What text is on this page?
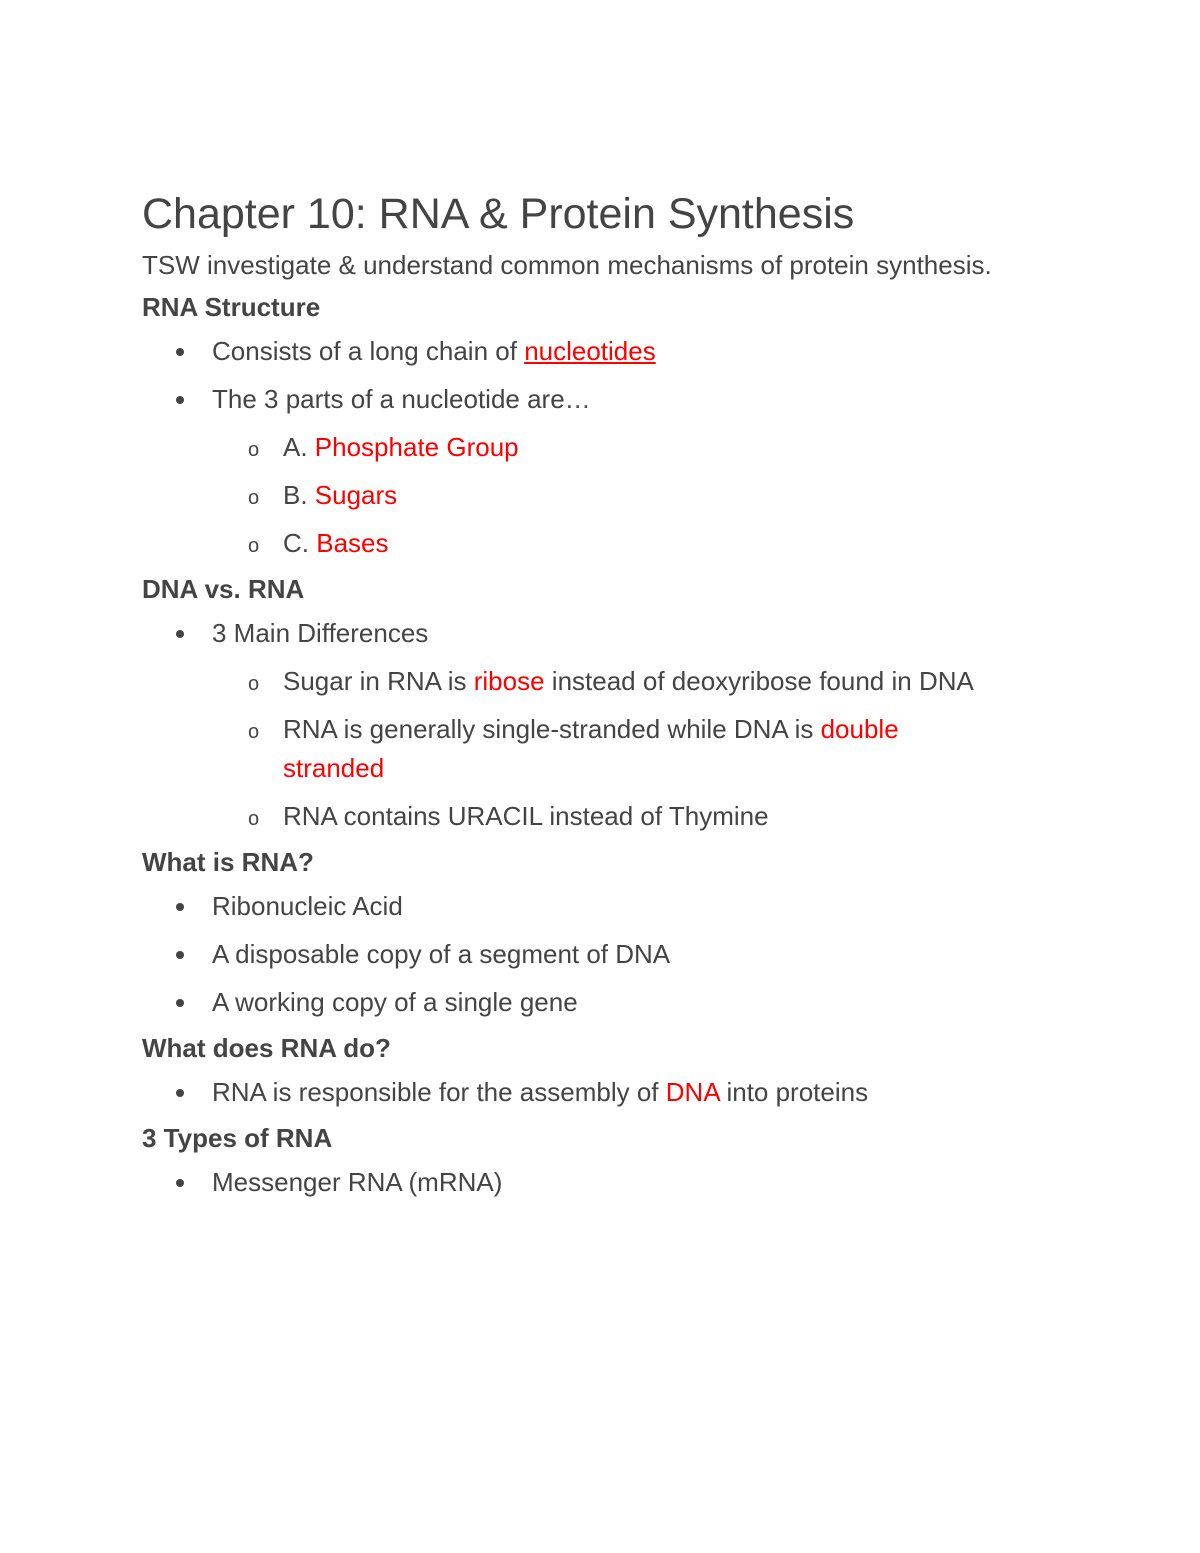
Chapter 10: RNA & Protein Synthesis

TSW investigate & understand common mechanisms of protein synthesis.

RNA Structure

Consists of a long chain of nucleotides
The 3 parts of a nucleotide are…
o A. Phosphate Group
o B. Sugars
o C. Bases

DNA vs. RNA

3 Main Differences
o Sugar in RNA is ribose instead of deoxyribose found in DNA
o RNA is generally single-stranded while DNA is double stranded
o RNA contains URACIL instead of Thymine

What is RNA?

Ribonucleic Acid
A disposable copy of a segment of DNA
A working copy of a single gene

What does RNA do?

RNA is responsible for the assembly of DNA into proteins

3 Types of RNA

Messenger RNA (mRNA)
